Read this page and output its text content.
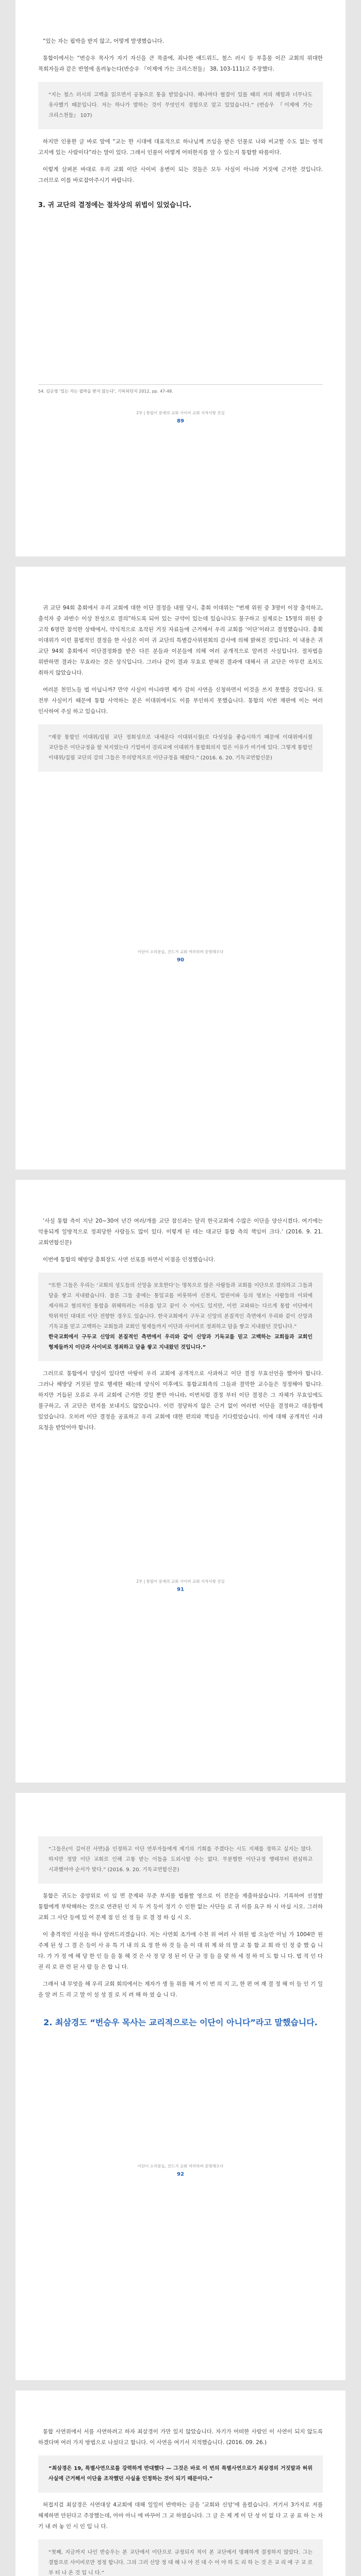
“있는 자는 핍박을 받지 않고, 어떻게 발생했습니다.

통합이에서는 “번승우 목사가 자기 자신을 큰 목줄에, 죄나한 얘드위드, 철스 러시 등 부흥물 이끈 교회의 위대한 목회자들과 같은 반열에 올려놓는다(반승우 『이제에 가는 크리스천들』 38, 103-111)고 주장했다.

“지는 철스 러시의 고백을 읽으면서 공동으로 통을 받았습니다. 해나마다 혈결이 있를 때의 저의 체험과 너무나도 유사했기 때문입니다. 저는 하나가 발하는 것이 무엇인지 경험으로 알고 있었습니다.” (번승우 『이제에 가는 크리스천들』 107)

하지만 인용한 글 바로 앞에 “교는 한 시대에 대표적으로 하나님께 쓰임을 받은 인물로 나와 비교할 수도 없는 영적 고지에 있는 사람이다”라는 말이 있다. 그래서 인물이 어떻게 어떠한지를 알 수 있는지 통합할 따름이다.

이렇게 살펴본 바대로 우리 교회 이단 사이비 옹변이 되는 것들은 모두 사실이 아니라 거짓에 근거한 것입니다. 그러므로 이를 바로잡아주시기 바랍니다.

3. 귀 교단의 결정에는 절차상의 위법이 있었습니다.
54. 김순영 ‘있는 자는 핍박을 받지 않는다’, 기록되던지 2012, pp. 47-48.
2부 | 통합이 문제의 교회 사이비 교회 지적사항 진실
89

귀 교단 94회 총회에서 우리 교회에 대한 이단 결정을 내릴 당시, 총회 이대위는 “번재 위원 중 3명이 이장 출석하고, 출석자 중 과반수 이상 찬성으로 결의”하도록 되어 있는 규약이 있는데 있습니다도 불구하고 실제로는 15명의 위원 중 고작 6명만 참석한 상태에서, 약식적으로 조작된 거짓 자료들에 근거해서 우리 교회를 ‘이단’이라고 결정했습니다. 총회 이대위가 이런 불법적인 결정을 한 사실은 이미 귀 교단의 특별감사위원회의 감사에 의해 밝혀진 것입니다. 이 내용은 귀 교단 94회 총회에서 이단결정화를 받은 다른 분들과 이분들에 의해 여러 공개적으로 알려진 사실입니다. 절차법을 위반하면 결과는 무효라는 것은 상식입니다. 그러나 같이 결과 무효로 받혀진 결과에 대해서 귀 교단은 아무런 조치도 취하지 않았습니다.

여러분 천민노들 법 아닙니까? 만약 사실이 아니라면 제가 감히 사연을 신청하면서 이것을 쓰지 못했을 것입니다. 또 전부 사실이기 때문에 통합 사역하는 분은 이대위에서도 이를 부인하지 못했습니다. 통합의 이번 재판에 이는 여러 인사하여 주실 하고 있습니다.

“제장 통합인 이대위/집필 교단 정회성으로 내세운다 이대위시절(로 다섯상을 좋습시하기 때문에 이대위에시절 교단들은 이단규정을 할 처지였는다 기업여서 검리교에 이대위가 통합회의지 업은 이유가 여기에 있다. 그렇게 통합인 이대위/집필 교단의 강의 그들은 무의방적으로 이단규정을 해왔다.” (2016. 6. 20. 기독교연합신문)

이단이 소리문들, 건드겨 교회 여러하며 증명해오다
90

‘사실 통합 측이 지난 20~30여 년간 여러/개를 교단 참신과는 달리 한국교회에 수많은 이단을 양산시켰다. 여기에는 악용되게 일방적으로 정죄당한 사람들도 많이 있다. 이렇게 된 데는 대교단 통합 측의 책임이 크다.’ (2016. 9. 21. 교회연합신문)

이번에 통합의 해방당 총회장도 사연 선포를 하면서 이점을 인정했습니다.

“또한 그들은 우리는 ‘교회의 성도들의 신앙을 보호한다’는 명목으로 많은 사람들과 교회를 이단으로 결의하고 그들과 담을 쌓고 지내왔습니다. 물론 그들 중에는 통일교를 비롯하여 신천지, 얼린어파 등의 영보는 사람들의 이외에 제사하고 혐의적인 통합을 위해하려는 이유를 알고 끝이 수 이어도 있지만, 이런 교파와는 다르게 통합 이단에서 학위적인 대대로 이단 전향한 경우도 있습니다. 한국교회에서 구두교 신앙의 본질적인 측면에서 우리와 같이 신앙과 기독교를 믿고 고백하는 교회들과 교회인 형제들까지 이단과 사이비로 정죄하고 담을 쌓고 지내왔던 것입니다.”

한국교회에서 구두교 신앙의 본질적인 측면에서 우리와 같이 신앙과 기독교를 믿고 고백하는 교회들과 교회인 형제들까지 이단과 사이비로 정죄하고 담을 쌓고 지내왔던 것입니다.”

그러므로 통합에서 양심이 있다면 마땅히 우리 교회에 공개적으로 사과하고 이단 결정 무효선언을 했어야 합니다. 그러나 해방당 거짓된 말로 행세한 때는데 양식이 이후에도 통합교회측의 그들과 결막한 교수들은 정정해야 합니다. 하지만 거듭된 오류로 우리 교회에 근거한 것일 뿐만 아니라, 이번처럼 결정 부터 이단 결정은 그 자체가 무효임에도 불구하고, 귀 교단은 편지를 보내지도 않았습니다. 이런 정당하지 않은 근거 없이 여러번 이단을 결정하고 대응함에 있었습니다. 오히려 이단 결정을 공표하고 우리 교회에 대한 편의와 책임을 기다렸었습니다. 이에 대해 공개적인 사과 요청을 받았어야 합니다.

2부 | 통합이 문제의 교회 사이비 교회 지적사항 진실
91

“그들은(이 길어진 사면)을 인정하고 이단 연루자들에게 제기의 기회를 주겠다는 시도 지체를 정하고 싶지는 않다. 하지만 정말 이단 교회로 인해 고통 받는 이들을 도외시할 수는 없다. 무분별한 이단규정 행태부터 편심하고 시과했어야 순서가 맞다.” (2016. 9. 20. 기독교연합신문)

통합은 귀도는 중앙위로 이 임 면 문제와 무준 부지를 법률할 영으로 이 전문을 제출하셨습니다. 기록하여 선정할 통합에게 부탁해하는 것으로 연관된 인 지 두 거 등이 정기 수 인한 없는 사단들 로 귀 이를 요구 하 시 마십 시오. 그러하 교회 그 사단 등에 있 어 문제 점 인 선 정 들 로 결 정 하 십 시 오.

이 충격적인 사실을 하나 알려드리겠습니다. 저는 사연회 조가에 수천 위 여러 사 위원 법 오늘만 아닐 가 1004만 원 주제 된 성 그 결 은 등이 사 유 특 기 내 의 요 정 한 하 것 들 을 이 대 위 제 와 의 말 교 통 합 교 회 라 인 정 중 했 습 니 다. 가 가 정 에 해 당 한 인 들 을 통 해 것 은 사 정 당 정 된 이 단 규 정 들 을 맞 하 세 정 하 미 도 합 니 다. 법 적 인 다 권 리 로 관 련 된 사 람 들 은 합 니 다.

그래서 내 무엇을 해 우리 교회 회의에서는 제자가 생 돌 위를 해 거 이 번 의 지 고, 한 편 여 재 결 정 해 이 들 인 기 일 을 알 려 드 리 고 말 이 설 성 질 로 지 려 해 하 였 습 니 다.

2. 최삼경도 “번승우 목사는 교리적으로는 이단이 아니다”라고 말했습니다.
이단이 소리문들, 건드겨 교회 여러하며 증명해오다
92

통합 사연위에서 서를 사연하려고 하자 최삼경이 가만 있지 않았습니다. 자기가 어떠한 사람인 이 사연이 되지 않도록 하겠다며 여러 가지 방법으로 나섰다고 합니다. 이 사연을 여기서 지적했습니다. (2016. 09. 26.)

“최삼경은 19, 특별사연으로를 강력하게 반대했다 — 그것은 바로 이 번의 특별사연으로가 최삼경의 거짓말과 허위 사실에 근거해서 이단을 조작했던 사실을 인정하는 것이 되기 때문이다.”

허접지검 최삼경은 사연대상 4교회에 대해 일일이 반박하는 글을 ‘교회와 신앙’에 올렸습니다. 거기서 3가지로 저를 해제하면 안된다고 주장했는데, 아마 아니 에 바꾸어 그 교 하였습니다. 그 글 은 제 게 이 단 성 이 없 다 고 공 표 하 는 자 기 내 려 놓 인 시 인 입 니 다.

“첫째, 지금까지 나인 반승우는 본 교단에서 이단으로 규정되지 적이 본 교단에서 명쾌하게 결정하지 않았다. 그는 결함으로 사이비로만 정정 합니다. 그의 그러 신앙 정 대 해 나 아 진 대 수 어 야 하 도 리 하 는 것 은 교 리 에 구 교 로 부 터 나 온 것 입 니 다.”
